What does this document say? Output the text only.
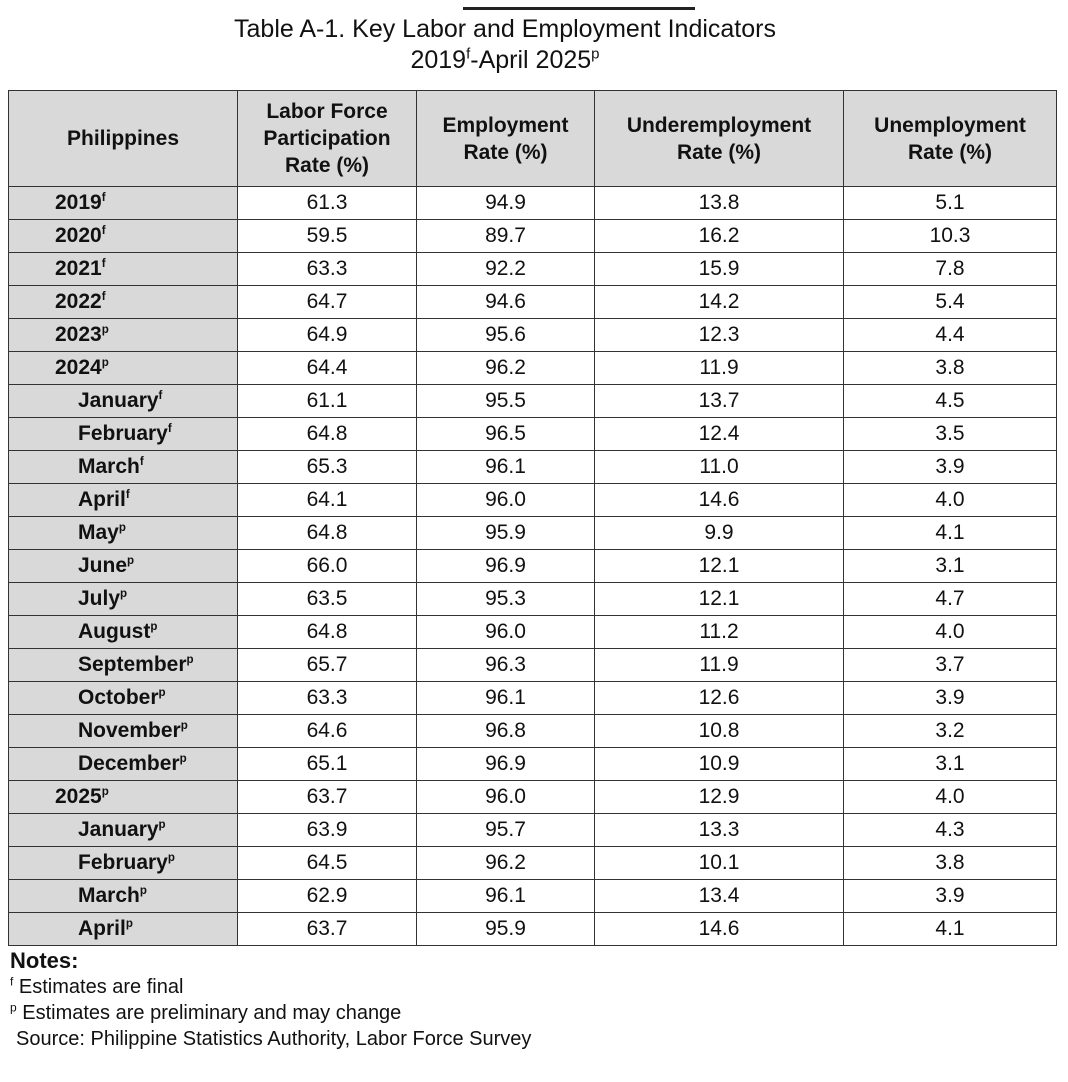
Table A-1. Key Labor and Employment Indicators
2019$^f$-April 2025$^p$
Philippines	Labor Force Participation Rate (%)	Employment Rate (%)	Underemployment Rate (%)	Unemployment Rate (%)

2019$^f$	61.3	94.9	13.8	5.1
2020$^f$	59.5	89.7	16.2	10.3
2021$^f$	63.3	92.2	15.9	7.8
2022$^f$	64.7	94.6	14.2	5.4
2023$^p$	64.9	95.6	12.3	4.4
2024$^p$	64.4	96.2	11.9	3.8
January$^f$	61.1	95.5	13.7	4.5
February$^f$	64.8	96.5	12.4	3.5
March$^f$	65.3	96.1	11.0	3.9
April$^f$	64.1	96.0	14.6	4.0
May$^p$	64.8	95.9	9.9	4.1
June$^p$	66.0	96.9	12.1	3.1
July$^p$	63.5	95.3	12.1	4.7
August$^p$	64.8	96.0	11.2	4.0
September$^p$	65.7	96.3	11.9	3.7
October$^p$	63.3	96.1	12.6	3.9
November$^p$	64.6	96.8	10.8	3.2
December$^p$	65.1	96.9	10.9	3.1
2025$^p$	63.7	96.0	12.9	4.0
January$^p$	63.9	95.7	13.3	4.3
February$^p$	64.5	96.2	10.1	3.8
March$^p$	62.9	96.1	13.4	3.9
April$^p$	63.7	95.9	14.6	4.1
Notes:
$^f$ Estimates are final
$^p$ Estimates are preliminary and may change
Source: Philippine Statistics Authority, Labor Force Survey
